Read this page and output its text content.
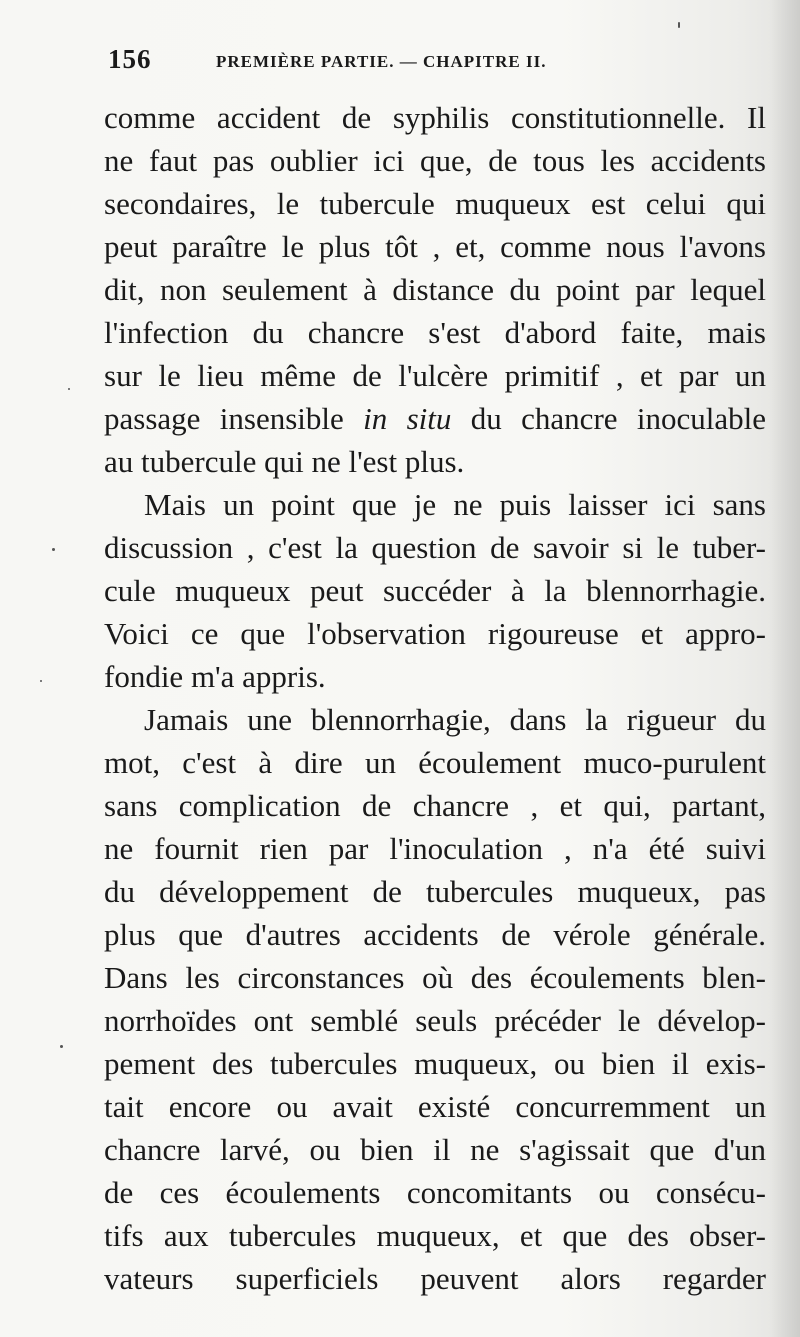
156	PREMIÈRE PARTIE. — CHAPITRE II.
comme accident de syphilis constitutionnelle. Il
ne faut pas oublier ici que, de tous les accidents
secondaires, le tubercule muqueux est celui qui
peut paraître le plus tôt , et, comme nous l'avons
dit, non seulement à distance du point par lequel
l'infection du chancre s'est d'abord faite, mais
sur le lieu même de l'ulcère primitif , et par un
passage insensible in situ du chancre inoculable
au tubercule qui ne l'est plus.
Mais un point que je ne puis laisser ici sans
discussion , c'est la question de savoir si le tuber-
cule muqueux peut succéder à la blennorrhagie.
Voici ce que l'observation rigoureuse et appro-
fondie m'a appris.
Jamais une blennorrhagie, dans la rigueur du
mot, c'est à dire un écoulement muco-purulent
sans complication de chancre , et qui, partant,
ne fournit rien par l'inoculation , n'a été suivi
du développement de tubercules muqueux, pas
plus que d'autres accidents de vérole générale.
Dans les circonstances où des écoulements blen-
norrhoïdes ont semblé seuls précéder le dévelop-
pement des tubercules muqueux, ou bien il exis-
tait encore ou avait existé concurremment un
chancre larvé, ou bien il ne s'agissait que d'un
de ces écoulements concomitants ou consécu-
tifs aux tubercules muqueux, et que des obser-
vateurs superficiels peuvent alors regarder
